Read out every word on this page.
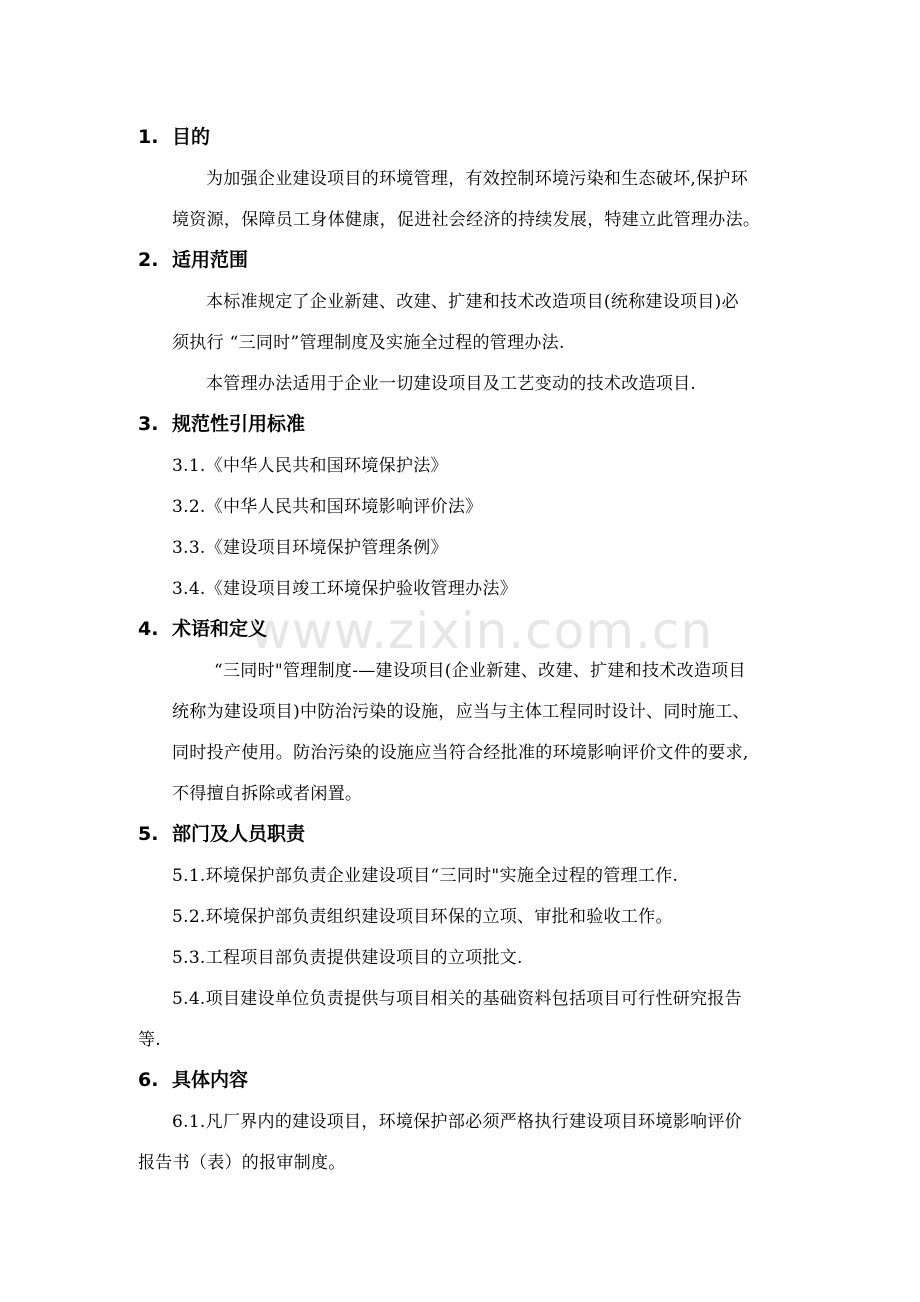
www.zixin.com.cn
1. 目的
为加强企业建设项目的环境管理，有效控制环境污染和生态破坏,保护环
境资源，保障员工身体健康，促进社会经济的持续发展，特建立此管理办法。
2. 适用范围
本标准规定了企业新建、改建、扩建和技术改造项目(统称建设项目)必
须执行 “三同时”管理制度及实施全过程的管理办法.
本管理办法适用于企业一切建设项目及工艺变动的技术改造项目.
3. 规范性引用标准
3.1.《中华人民共和国环境保护法》
3.2.《中华人民共和国环境影响评价法》
3.3.《建设项目环境保护管理条例》
3.4.《建设项目竣工环境保护验收管理办法》
4. 术语和定义
“三同时"管理制度-—建设项目(企业新建、改建、扩建和技术改造项目
统称为建设项目)中防治污染的设施，应当与主体工程同时设计、同时施工、
同时投产使用。防治污染的设施应当符合经批准的环境影响评价文件的要求,
不得擅自拆除或者闲置。
5. 部门及人员职责
5.1.环境保护部负责企业建设项目“三同时"实施全过程的管理工作.
5.2.环境保护部负责组织建设项目环保的立项、审批和验收工作。
5.3.工程项目部负责提供建设项目的立项批文.
5.4.项目建设单位负责提供与项目相关的基础资料包括项目可行性研究报告
等.
6. 具体内容
6.1.凡厂界内的建设项目，环境保护部必须严格执行建设项目环境影响评价
报告书（表）的报审制度。
